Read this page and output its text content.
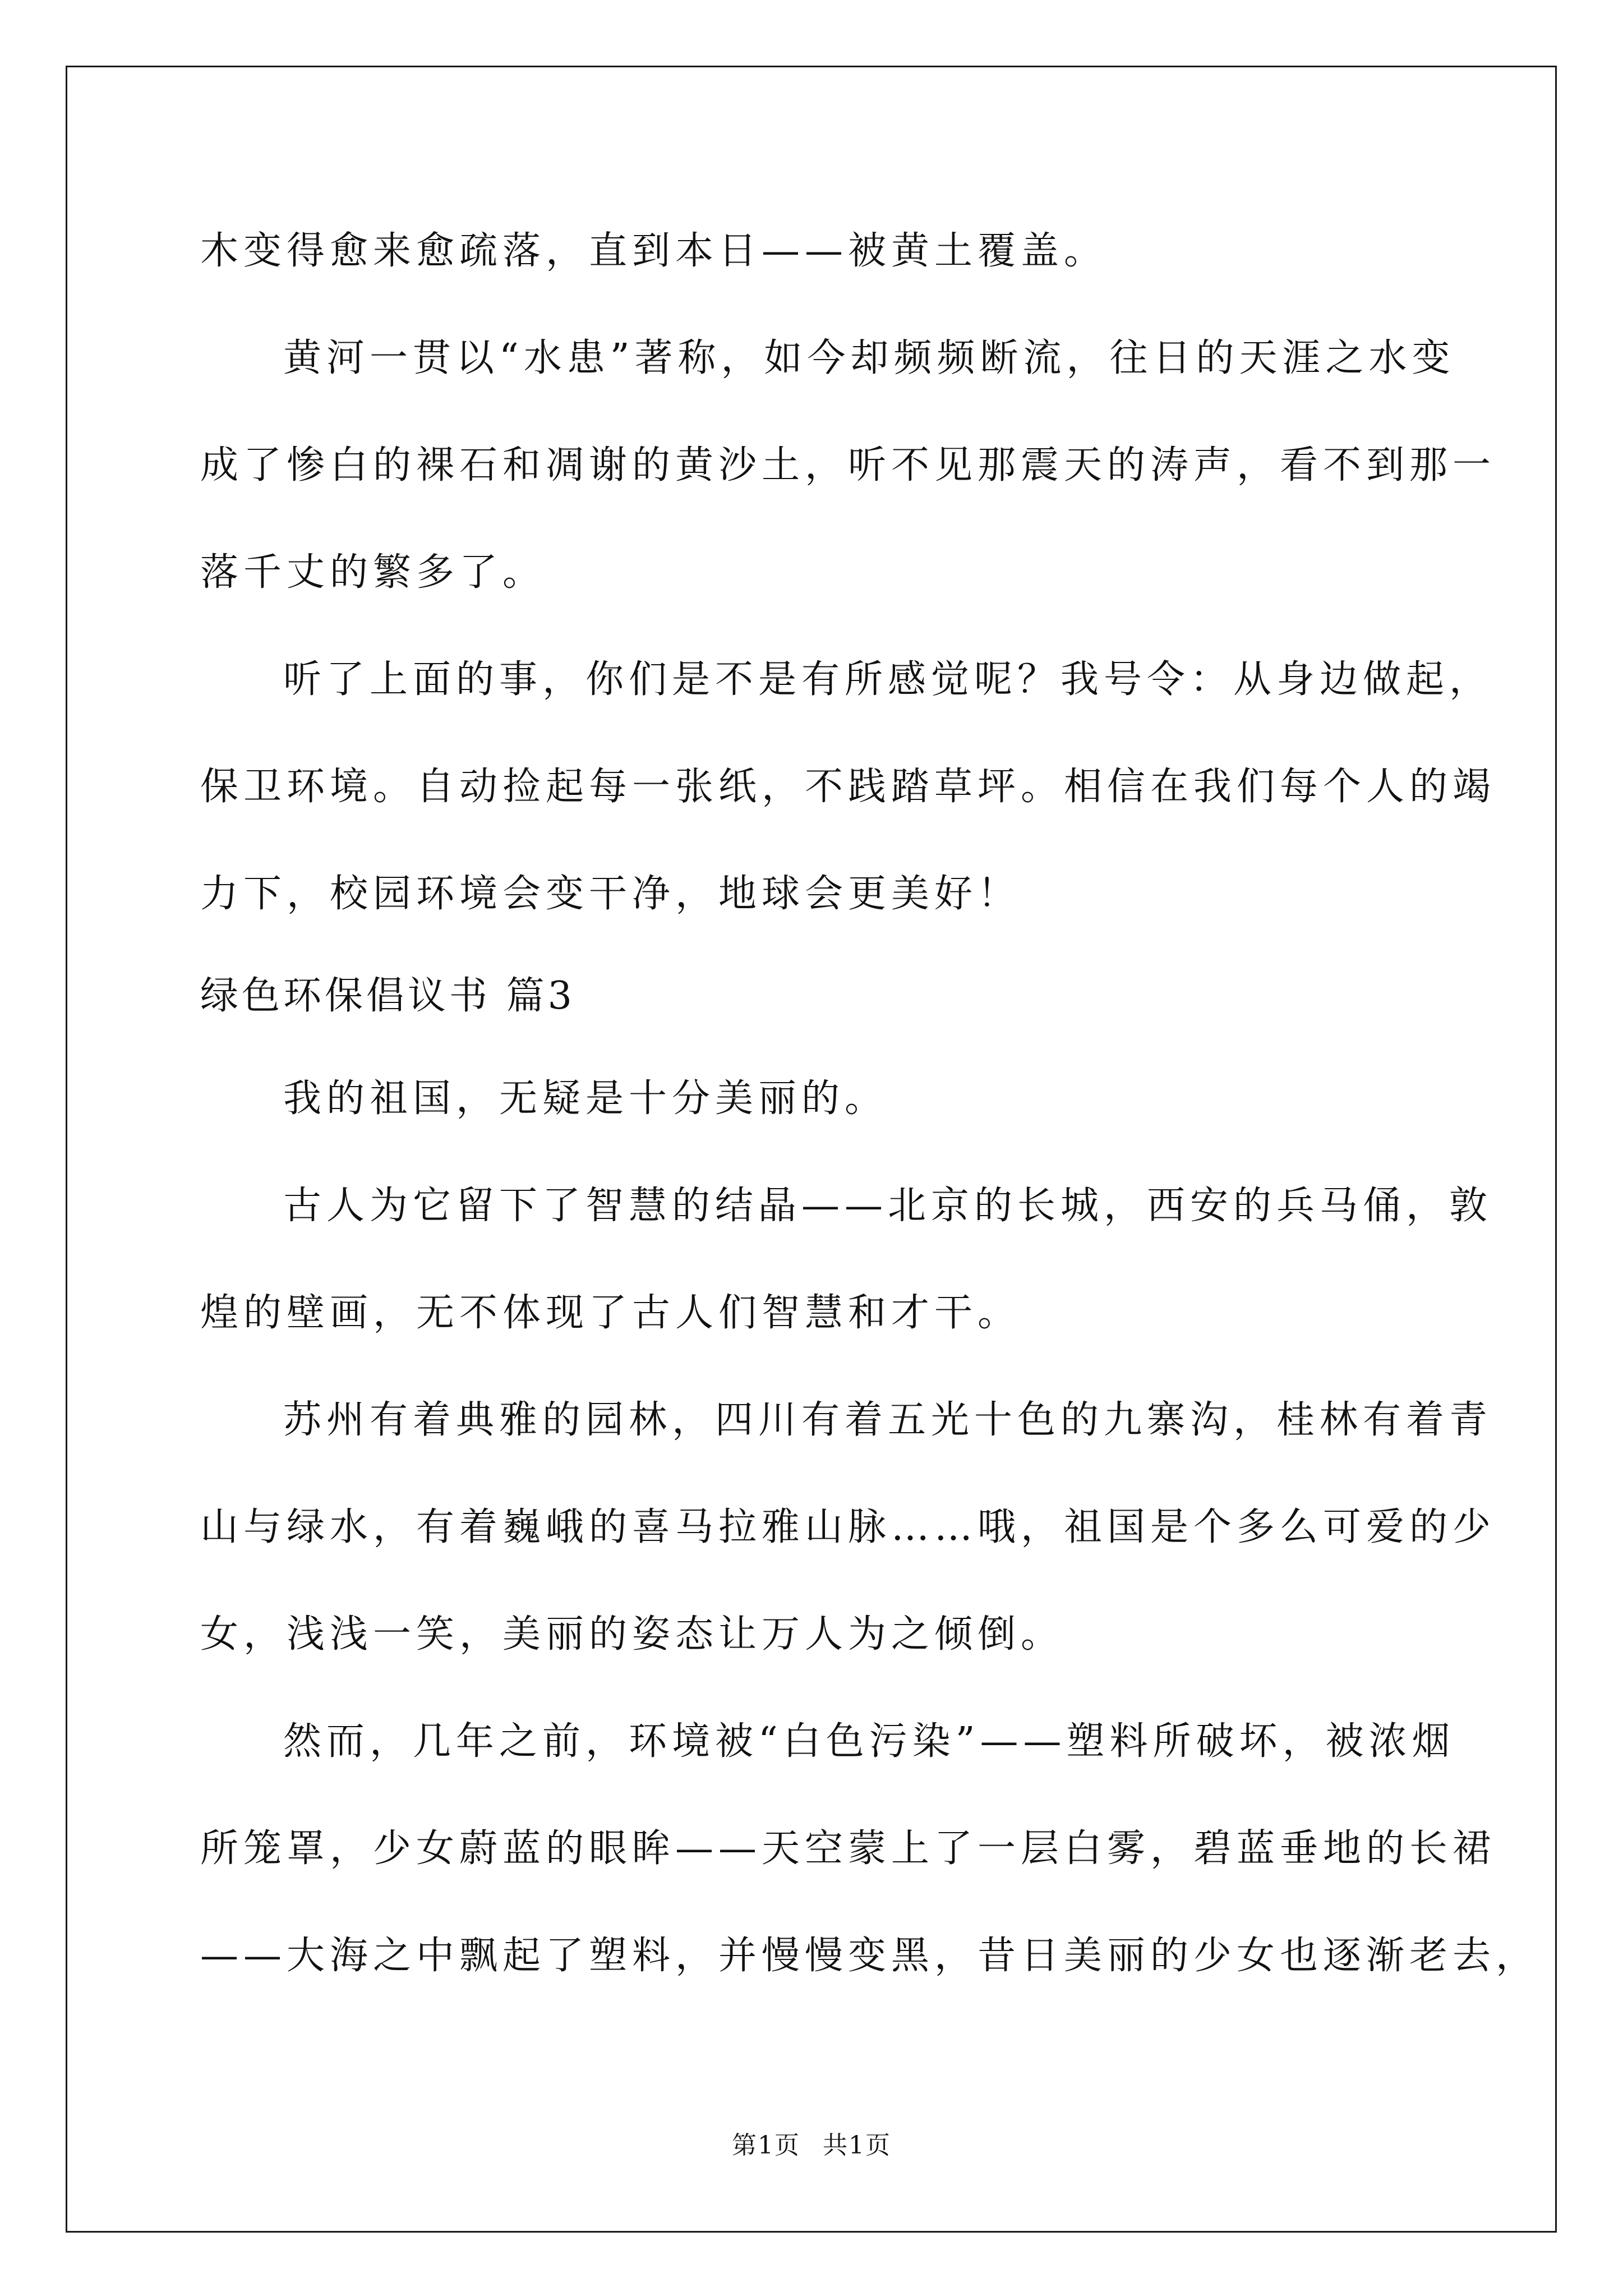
木变得愈来愈疏落，直到本日——被黄土覆盖。
黄河一贯以“水患”著称，如今却频频断流，往日的天涯之水变
成了惨白的裸石和凋谢的黄沙土，听不见那震天的涛声，看不到那一
落千丈的繁多了。
听了上面的事，你们是不是有所感觉呢？我号令：从身边做起，
保卫环境。自动捡起每一张纸，不践踏草坪。相信在我们每个人的竭
力下，校园环境会变干净，地球会更美好！
绿色环保倡议书 篇3
我的祖国，无疑是十分美丽的。
古人为它留下了智慧的结晶——北京的长城，西安的兵马俑，敦
煌的壁画，无不体现了古人们智慧和才干。
苏州有着典雅的园林，四川有着五光十色的九寨沟，桂林有着青
山与绿水，有着巍峨的喜马拉雅山脉……哦，祖国是个多么可爱的少
女，浅浅一笑，美丽的姿态让万人为之倾倒。
然而，几年之前，环境被“白色污染”——塑料所破坏，被浓烟
所笼罩，少女蔚蓝的眼眸——天空蒙上了一层白雾，碧蓝垂地的长裙
——大海之中飘起了塑料，并慢慢变黑，昔日美丽的少女也逐渐老去，
第1页 共1页
